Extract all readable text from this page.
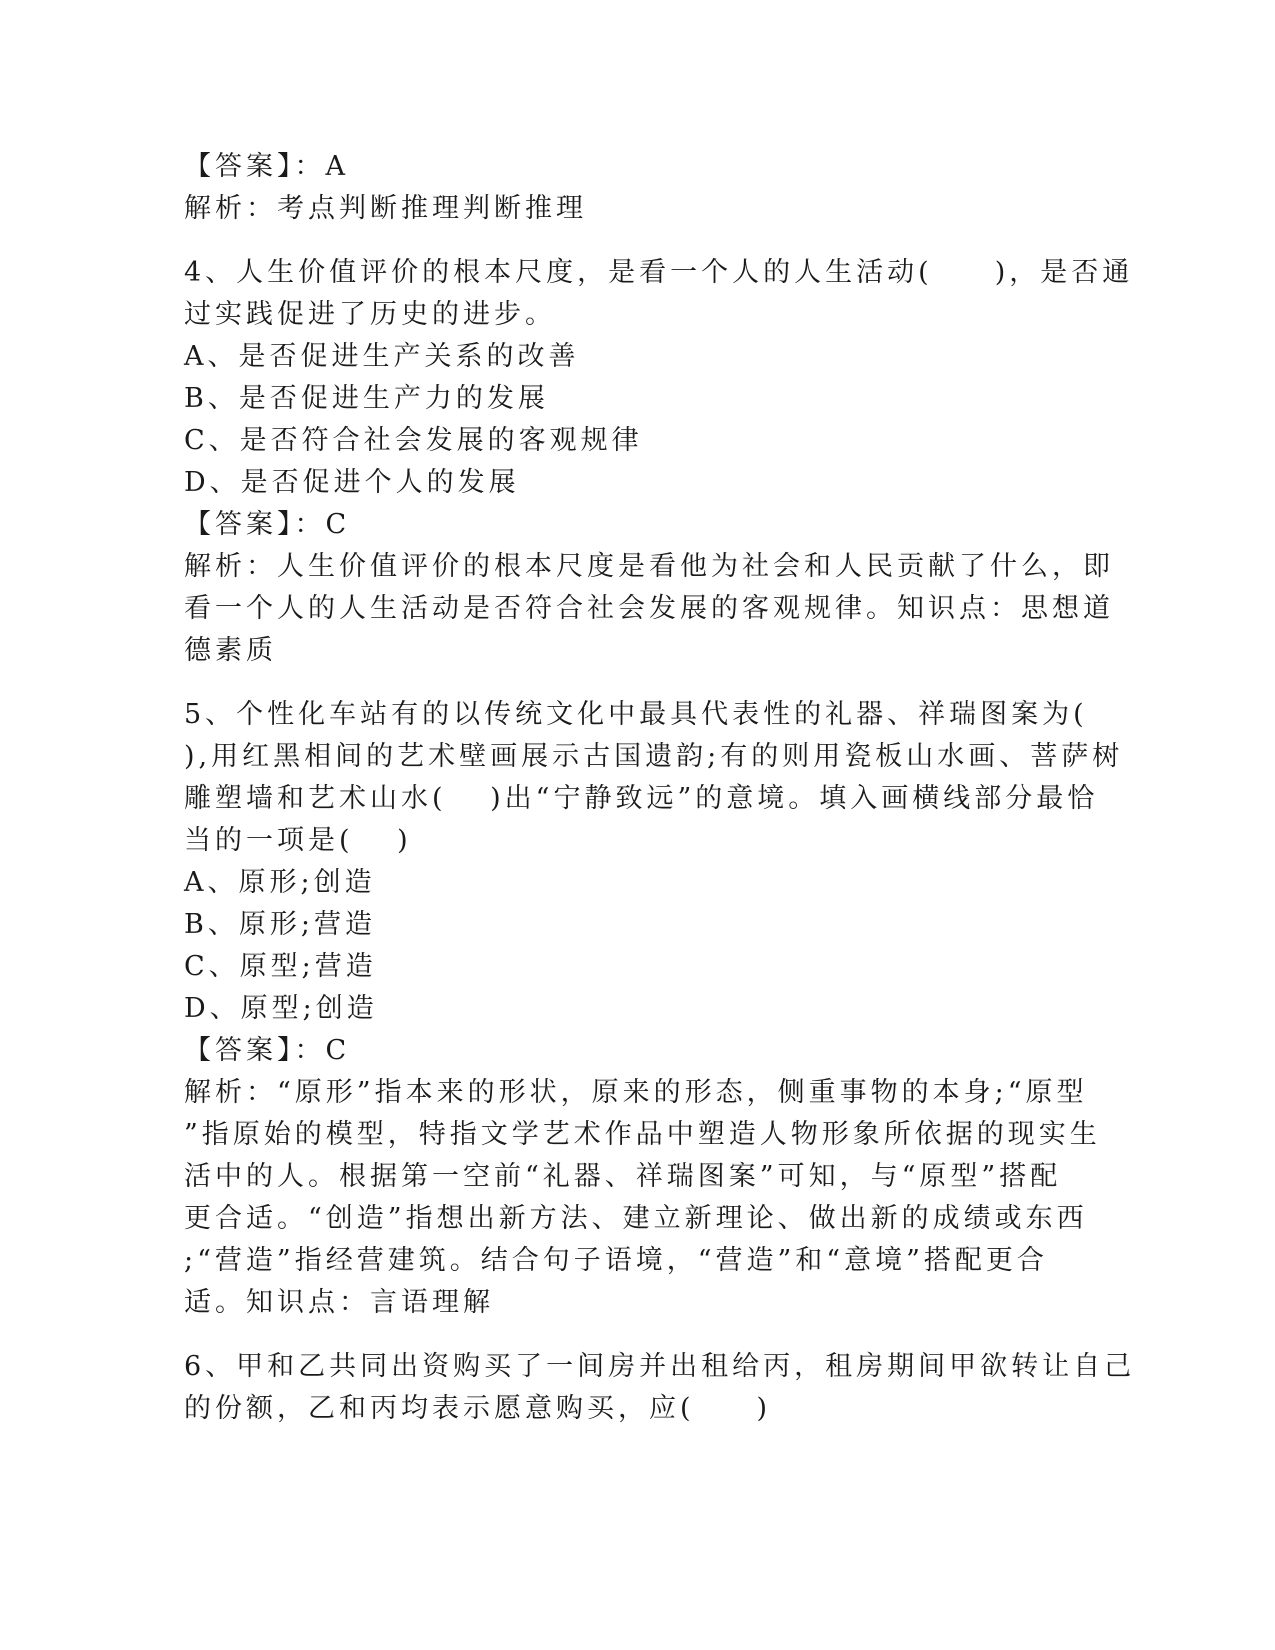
【答案】：A
解析：考点判断推理判断推理
4、人生价值评价的根本尺度，是看一个人的人生活动(　　)，是否通
过实践促进了历史的进步。
A、是否促进生产关系的改善
B、是否促进生产力的发展
C、是否符合社会发展的客观规律
D、是否促进个人的发展
【答案】：C
解析：人生价值评价的根本尺度是看他为社会和人民贡献了什么，即
看一个人的人生活动是否符合社会发展的客观规律。知识点：思想道
德素质
5、个性化车站有的以传统文化中最具代表性的礼器、祥瑞图案为(
),用红黑相间的艺术壁画展示古国遗韵;有的则用瓷板山水画、菩萨树
雕塑墙和艺术山水(　 )出“宁静致远”的意境。填入画横线部分最恰
当的一项是(　 )
A、原形;创造
B、原形;营造
C、原型;营造
D、原型;创造
【答案】：C
解析：“原形”指本来的形状，原来的形态，侧重事物的本身;“原型
”指原始的模型，特指文学艺术作品中塑造人物形象所依据的现实生
活中的人。根据第一空前“礼器、祥瑞图案”可知，与“原型”搭配
更合适。“创造”指想出新方法、建立新理论、做出新的成绩或东西
;“营造”指经营建筑。结合句子语境，“营造”和“意境”搭配更合
适。知识点：言语理解
6、甲和乙共同出资购买了一间房并出租给丙，租房期间甲欲转让自己
的份额，乙和丙均表示愿意购买，应(　　)
